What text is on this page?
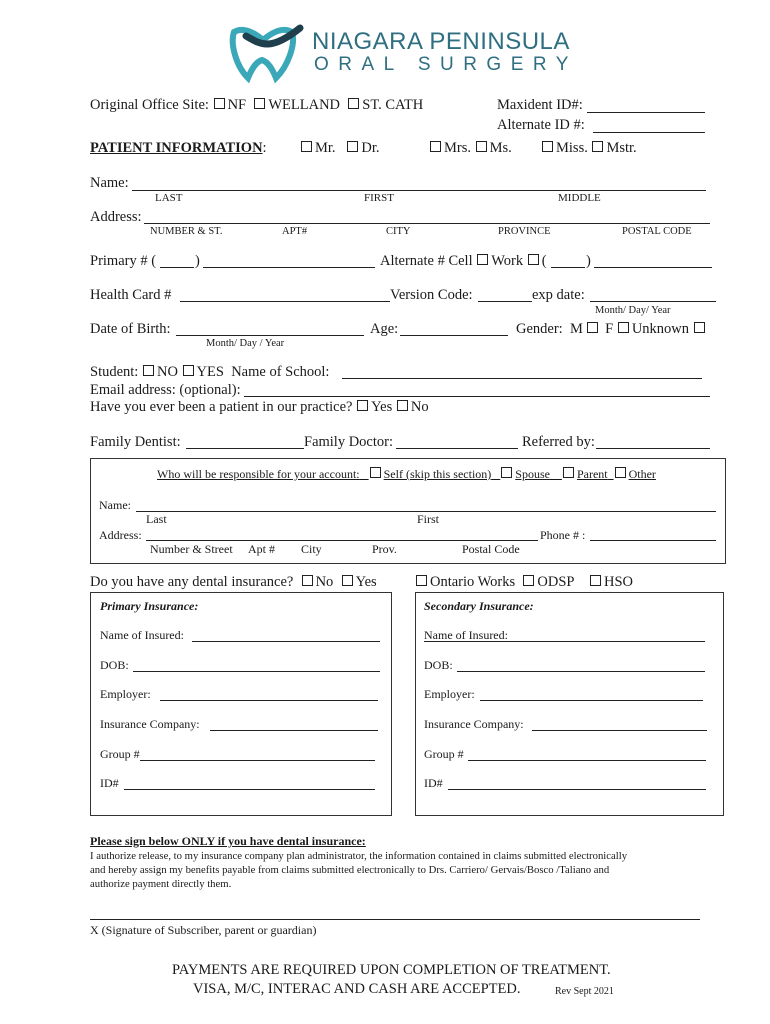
NIAGARA PENINSULA
ORAL SURGERY
Original Office Site: NF WELLAND ST. CATH	Maxident ID#:
Alternate ID #:
PATIENT INFORMATION:	Mr. Dr.	Mrs. Ms.	Miss. Mstr.
Name:
LAST	FIRST	MIDDLE
Address:
NUMBER & ST.	APT#	CITY	PROVINCE	POSTAL CODE
Primary # (	)	Alternate # Cell Work (	)
Health Card #	Version Code:	exp date:
Month/ Day/ Year
Date of Birth:
Month/ Day / Year
Age:	Gender: M F Unknown
Student: NO YES Name of School:
Email address: (optional):
Have you ever been a patient in our practice? Yes No
Family Dentist:	Family Doctor:	Referred by:
Who will be responsible for your account: Self (skip this section) Spouse Parent Other
Name:
Last	First
Address:	Phone # :
Number & Street Apt # City	Prov.	Postal Code
Do you have any dental insurance? No Yes	Ontario Works ODSP HSO
Primary Insurance:	Secondary Insurance:
Name of Insured:	Name of Insured:
DOB:	DOB:
Employer:	Employer:
Insurance Company:	Insurance Company:
Group #	Group #
ID#	ID#
Please sign below ONLY if you have dental insurance:
I authorize release, to my insurance company plan administrator, the information contained in claims submitted electronically
and hereby assign my benefits payable from claims submitted electronically to Drs. Carriero/ Gervais/Bosco /Taliano and
authorize payment directly them.
X (Signature of Subscriber, parent or guardian)
PAYMENTS ARE REQUIRED UPON COMPLETION OF TREATMENT.
VISA, M/C, INTERAC AND CASH ARE ACCEPTED.	Rev Sept 2021
